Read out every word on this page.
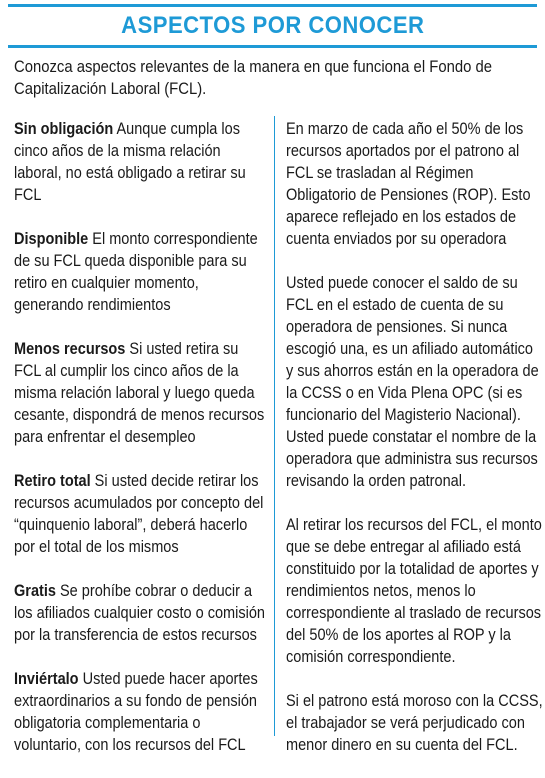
ASPECTOS POR CONOCER
Conozca aspectos relevantes de la manera en que funciona el Fondo de Capitalización Laboral (FCL).

Sin obligación Aunque cumpla los cinco años de la misma relación laboral, no está obligado a retirar su FCL

Disponible El monto correspondiente de su FCL queda disponible para su retiro en cualquier momento, generando rendimientos

Menos recursos Si usted retira su FCL al cumplir los cinco años de la misma relación laboral y luego queda cesante, dispondrá de menos recursos para enfrentar el desempleo

Retiro total Si usted decide retirar los recursos acumulados por concepto del “quinquenio laboral”, deberá hacerlo por el total de los mismos

Gratis Se prohíbe cobrar o deducir a los afiliados cualquier costo o comisión por la transferencia de estos recursos

Inviértalo Usted puede hacer aportes extraordinarios a su fondo de pensión obligatoria complementaria o voluntario, con los recursos del FCL

En marzo de cada año el 50% de los recursos aportados por el patrono al FCL se trasladan al Régimen Obligatorio de Pensiones (ROP). Esto aparece reflejado en los estados de cuenta enviados por su operadora

Usted puede conocer el saldo de su FCL en el estado de cuenta de su operadora de pensiones. Si nunca escogió una, es un afiliado automático y sus ahorros están en la operadora de la CCSS o en Vida Plena OPC (si es funcionario del Magisterio Nacional). Usted puede constatar el nombre de la operadora que administra sus recursos revisando la orden patronal.

Al retirar los recursos del FCL, el monto que se debe entregar al afiliado está constituido por la totalidad de aportes y rendimientos netos, menos lo correspondiente al traslado de recursos del 50% de los aportes al ROP y la comisión correspondiente.

Si el patrono está moroso con la CCSS, el trabajador se verá perjudicado con menor dinero en su cuenta del FCL.
